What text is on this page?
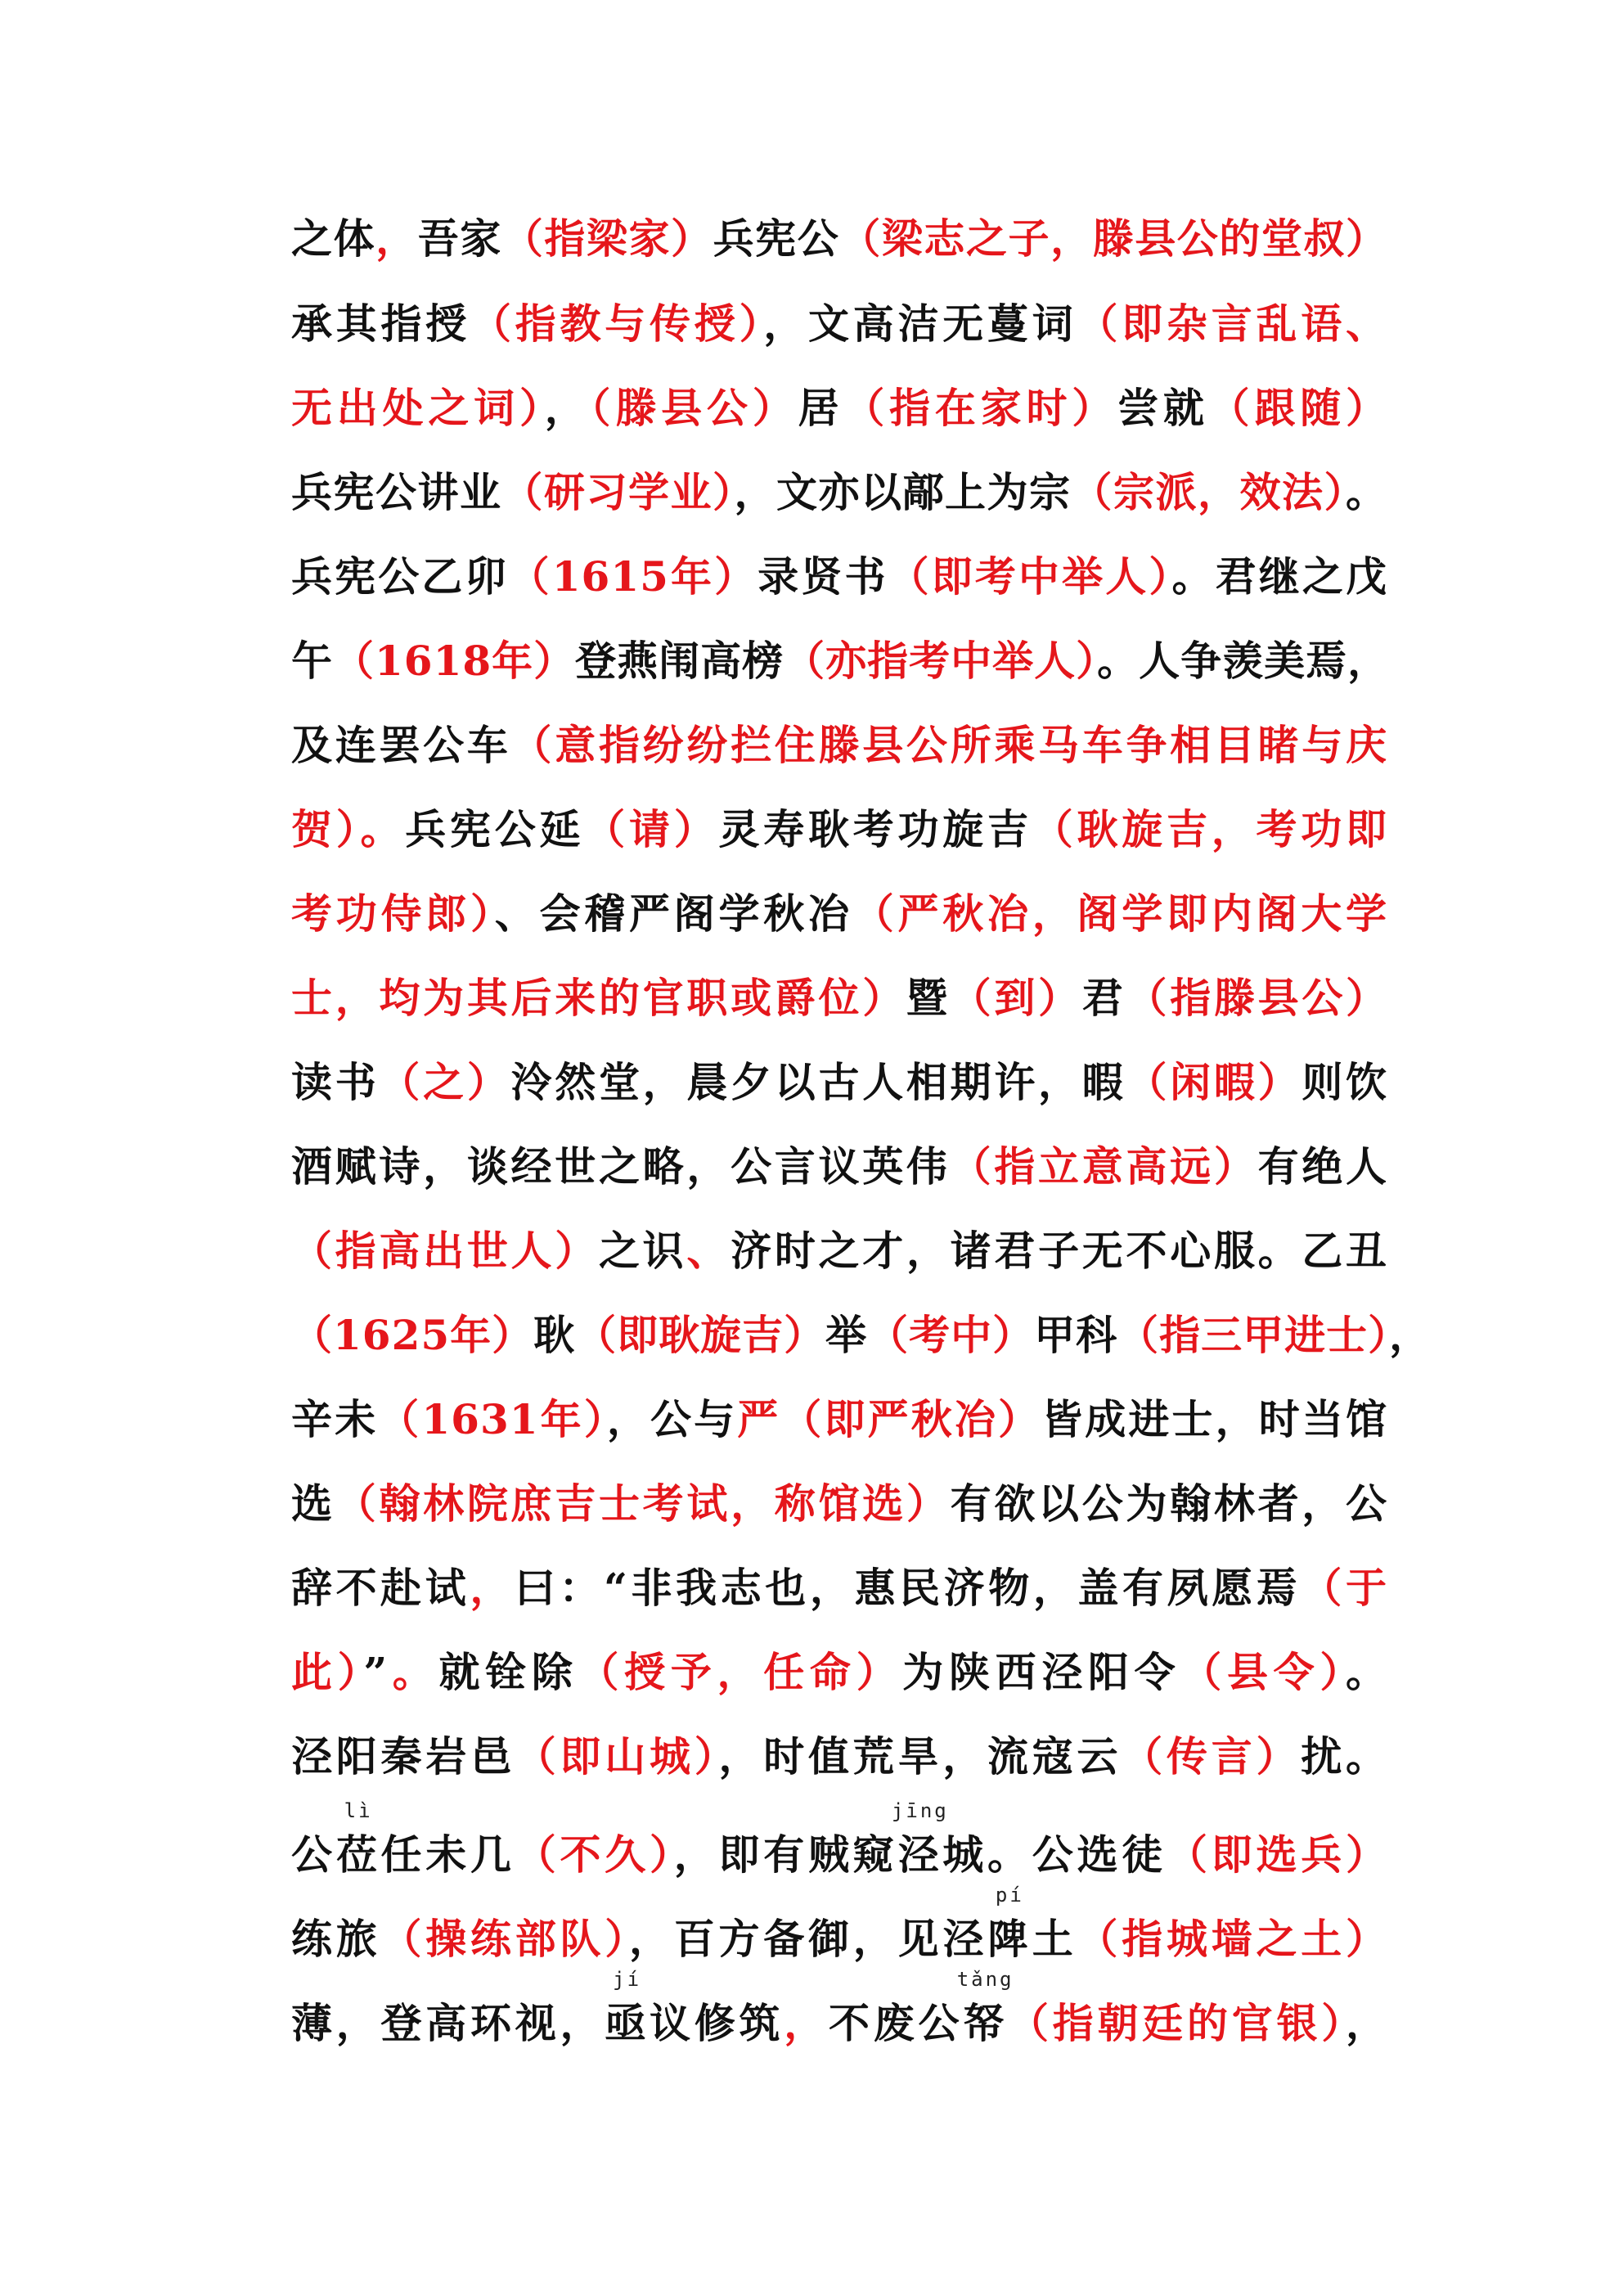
之体，吾家（指梁家）兵宪公（梁志之子，滕县公的堂叔）
承其指授（指教与传授），文高洁无蔓词（即杂言乱语、
无出处之词），（滕县公）居（指在家时）尝就（跟随）
兵宪公讲业（研习学业），文亦以鄗上为宗（宗派，效法）。
兵宪公乙卯（1615年）录贤书（即考中举人）。君继之戊
午（1618年）登燕闱高榜（亦指考中举人）。人争羡美焉，
及连罢公车（意指纷纷拦住滕县公所乘马车争相目睹与庆
贺）。兵宪公延（请）灵寿耿考功旋吉（耿旋吉，考功即
考功侍郎）、会稽严阁学秋冶（严秋冶，阁学即内阁大学
士，均为其后来的官职或爵位）暨（到）君（指滕县公）
读书（之）泠然堂，晨夕以古人相期许，暇（闲暇）则饮
酒赋诗，谈经世之略，公言议英伟（指立意高远）有绝人
（指高出世人）之识、济时之才，诸君子无不心服。乙丑
（1625年）耿（即耿旋吉）举（考中）甲科（指三甲进士），
辛未（1631年），公与严（即严秋冶）皆成进士，时当馆
选（翰林院庶吉士考试，称馆选）有欲以公为翰林者，公
辞不赴试，曰：“非我志也，惠民济物，盖有夙愿焉（于
此）”。就铨除（授予，任命）为陕西泾阳令（县令）。
泾阳秦岩邑（即山城），时值荒旱，流寇云（传言）扰。
公莅任未几（不久），即有贼窥泾城。公选徒（即选兵）
练旅（操练部队），百方备御，见泾陴土（指城墙之土）
薄，登高环视，亟议修筑，不废公帑（指朝廷的官银），
lì	jīng
pí
jí	tǎng
